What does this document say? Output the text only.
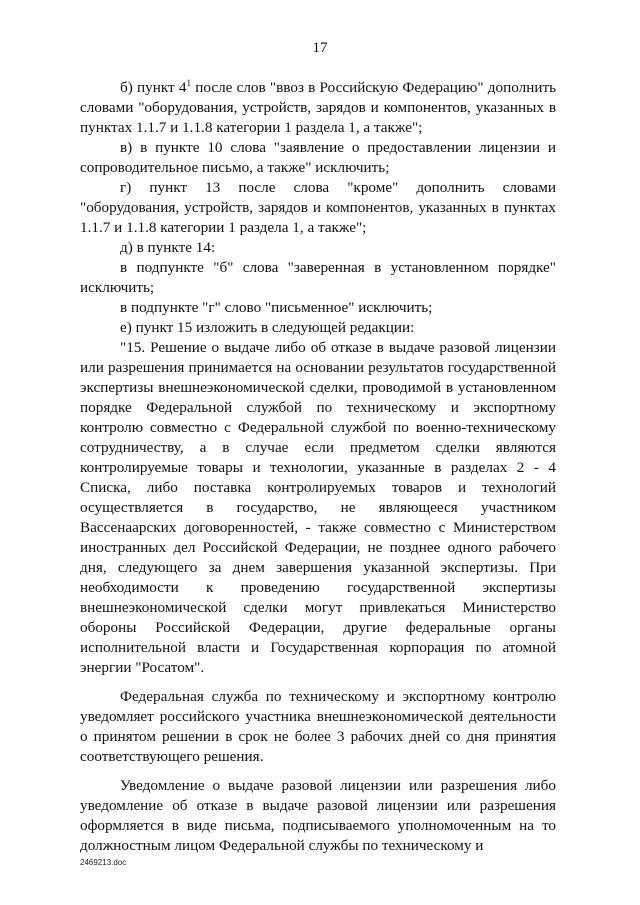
17

б) пункт $4^1$ после слов "ввоз в Российскую Федерацию" дополнить словами "оборудования, устройств, зарядов и компонентов, указанных в пунктах 1.1.7 и 1.1.8 категории 1 раздела 1, а также";

в) в пункте 10 слова "заявление о предоставлении лицензии и сопроводительное письмо, а также" исключить;

г) пункт 13 после слова "кроме" дополнить словами "оборудования, устройств, зарядов и компонентов, указанных в пунктах 1.1.7 и 1.1.8 категории 1 раздела 1, а также";

д) в пункте 14:

в подпункте "б" слова "заверенная в установленном порядке" исключить;

в подпункте "г" слово "письменное" исключить;

е) пункт 15 изложить в следующей редакции:

"15. Решение о выдаче либо об отказе в выдаче разовой лицензии или разрешения принимается на основании результатов государственной экспертизы внешнеэкономической сделки, проводимой в установленном порядке Федеральной службой по техническому и экспортному контролю совместно с Федеральной службой по военно-техническому сотрудничеству, а в случае если предметом сделки являются контролируемые товары и технологии, указанные в разделах 2 - 4 Списка, либо поставка контролируемых товаров и технологий осуществляется в государство, не являющееся участником Вассенаарских договоренностей, - также совместно с Министерством иностранных дел Российской Федерации, не позднее одного рабочего дня, следующего за днем завершения указанной экспертизы. При необходимости к проведению государственной экспертизы внешнеэкономической сделки могут привлекаться Министерство обороны Российской Федерации, другие федеральные органы исполнительной власти и Государственная корпорация по атомной энергии "Росатом".

Федеральная служба по техническому и экспортному контролю уведомляет российского участника внешнеэкономической деятельности о принятом решении в срок не более 3 рабочих дней со дня принятия соответствующего решения.

Уведомление о выдаче разовой лицензии или разрешения либо уведомление об отказе в выдаче разовой лицензии или разрешения оформляется в виде письма, подписываемого уполномоченным на то должностным лицом Федеральной службы по техническому и

2469213.doc
